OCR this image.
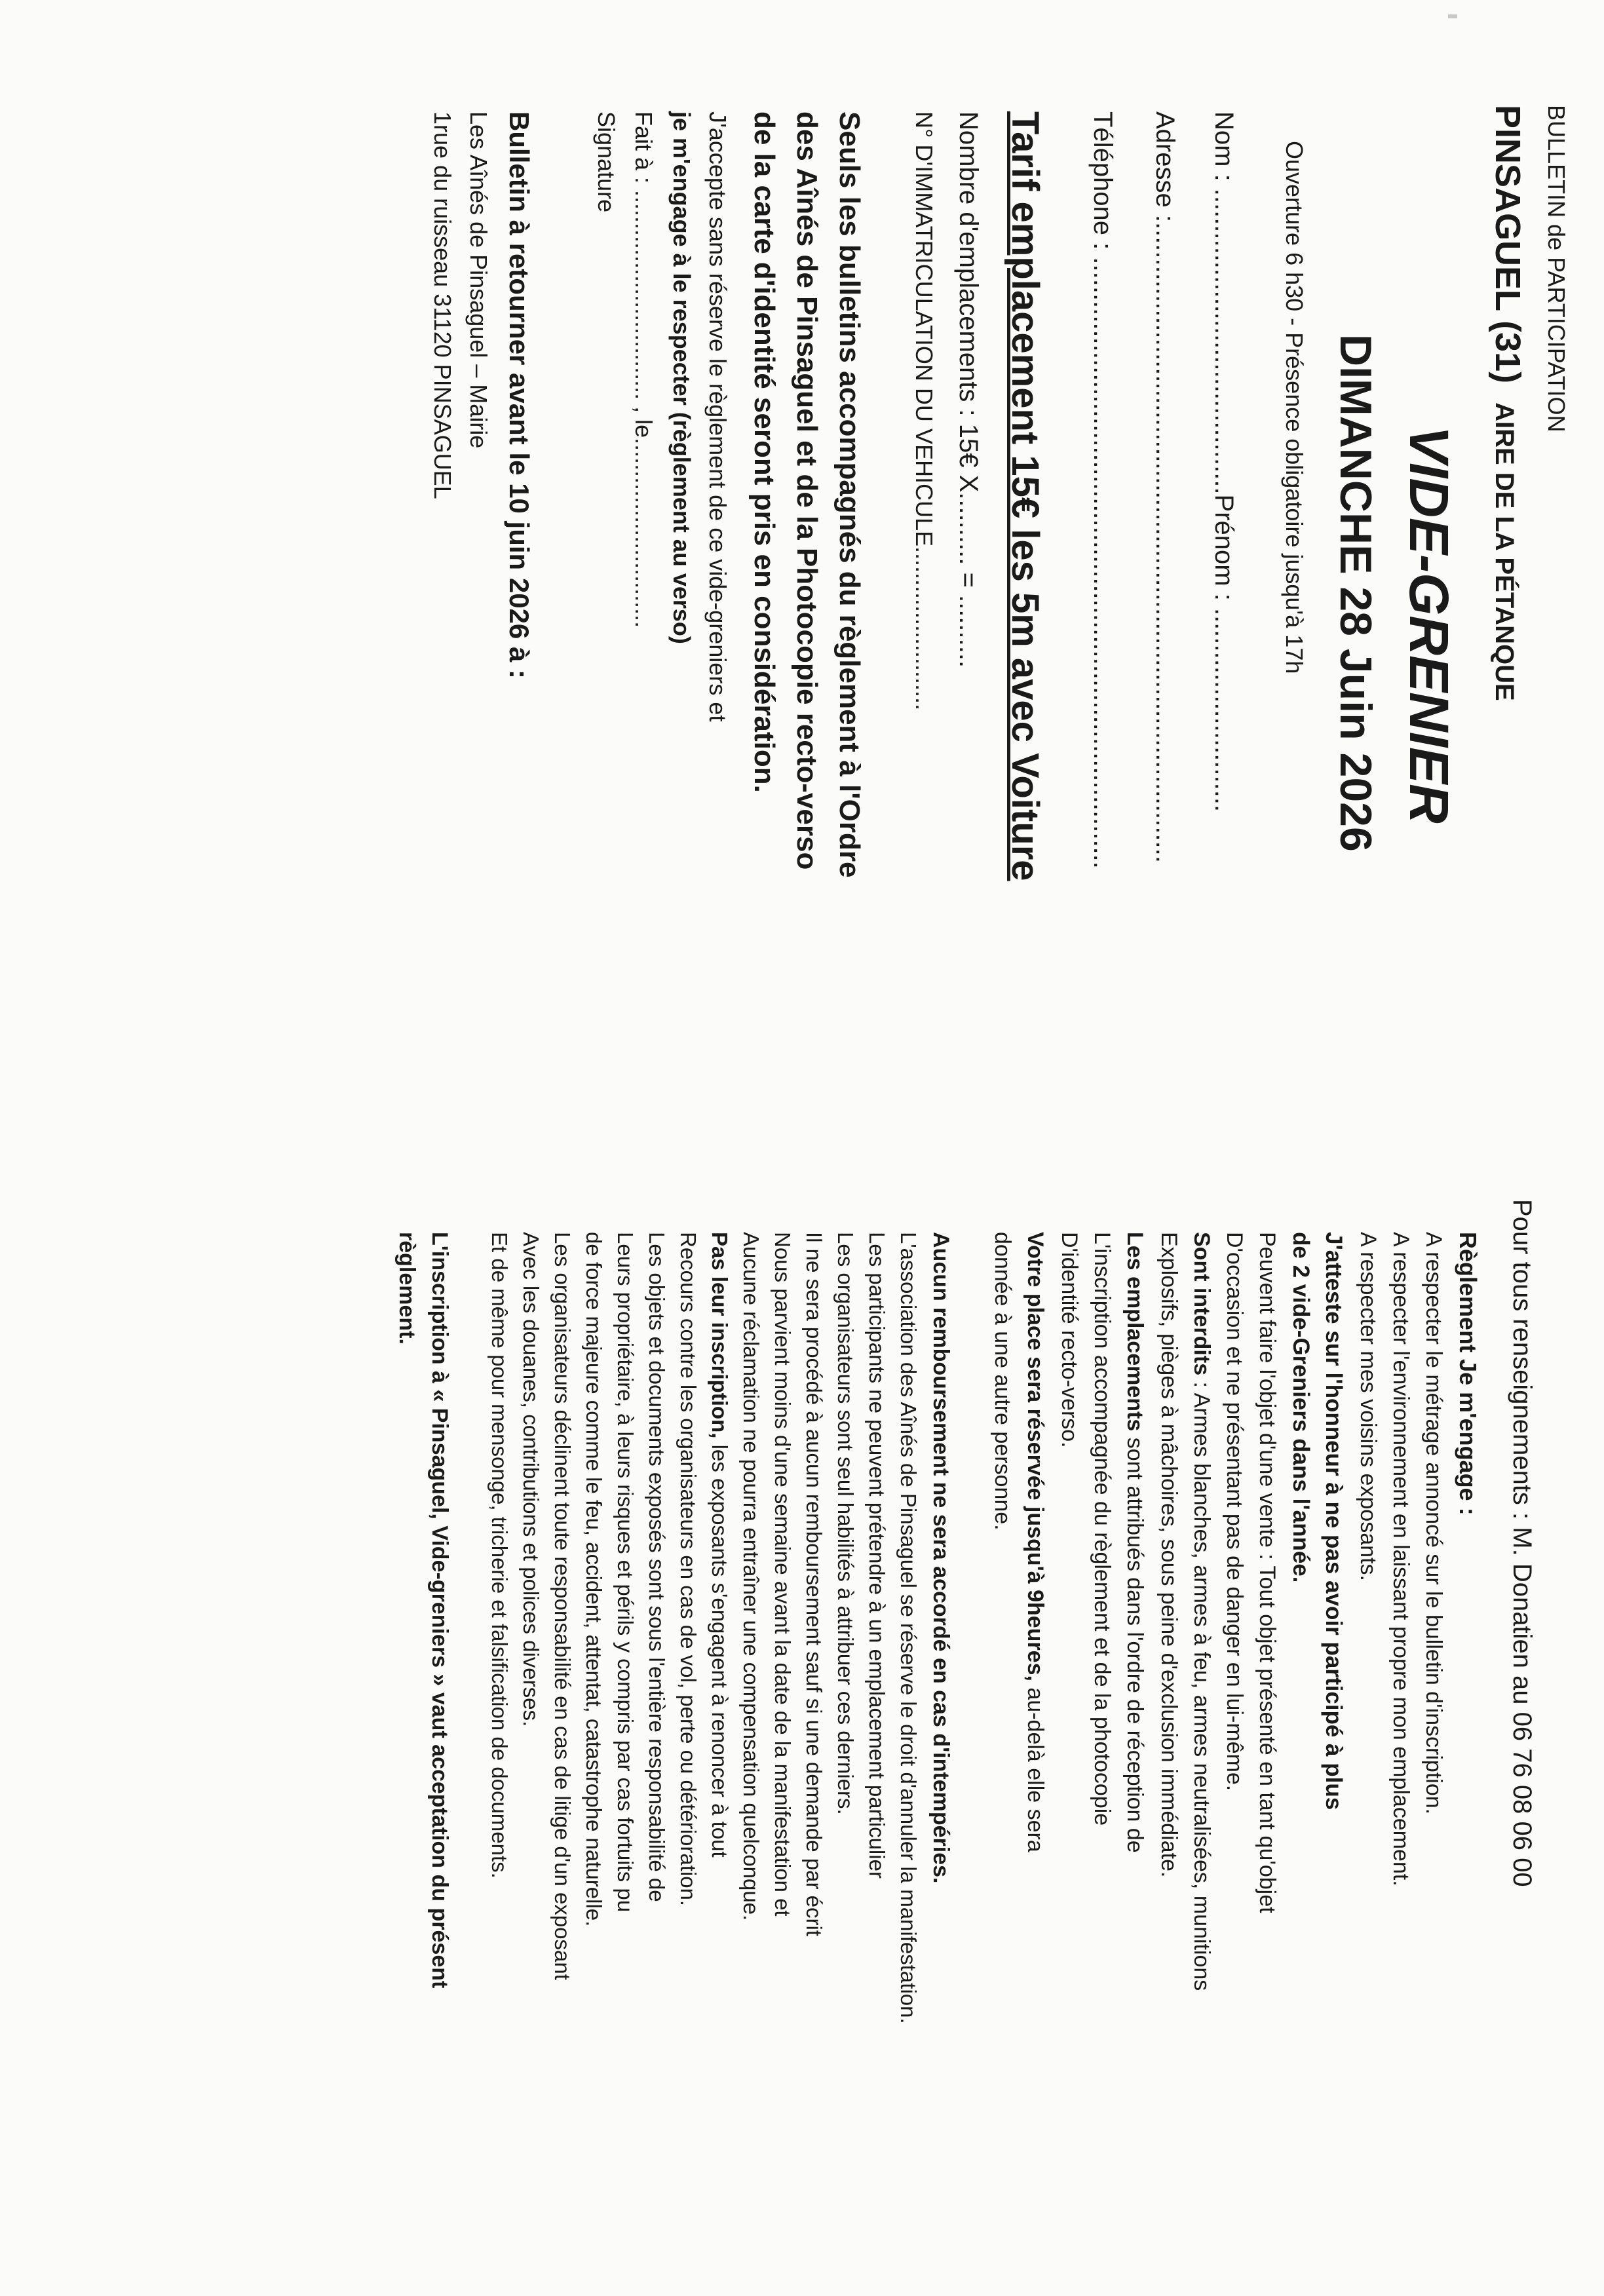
BULLETIN de PARTICIPATION
PINSAGUEL (31) AIRE DE LA PÉTANQUE
VIDE-GRENIER
DIMANCHE 28 Juin 2026
Ouverture 6 h30 - Présence obligatoire jusqu'à 17h
Nom : ..........................................Prénom : ............................
Adresse :........................................................................................
Téléphone : ....................................................................................
Tarif emplacement 15€ les 5m avec Voiture
Nombre d'emplacements : 15€ X.......... = ..........
N° D'IMMATRICULATION DU VEHICULE.........................
Seuls les bulletins accompagnés du règlement à l'Ordre
des Aînés de Pinsaguel et de la Photocopie recto-verso
de la carte d'identité seront pris en considération.
J'accepte sans réserve le règlement de ce vide-greniers et
je m'engage à le respecter (règlement au verso)
Fait à : ................................ , le.............................
Signature
Bulletin à retourner avant le 10 juin 2026 à :
Les Aînés de Pinsaguel – Mairie
1rue du ruisseau 31120 PINSAGUEL
Pour tous renseignements : M. Donatien au 06 76 08 06 00
Règlement Je m'engage :
A respecter le métrage annoncé sur le bulletin d'inscription.
A respecter l'environnement en laissant propre mon emplacement.
A respecter mes voisins exposants.
J'atteste sur l'honneur à ne pas avoir participé à plus
de 2 vide-Greniers dans l'année.
Peuvent faire l'objet d'une vente : Tout objet présenté en tant qu'objet
D'occasion et ne présentant pas de danger en lui-même.
Sont interdits : Armes blanches, armes à feu, armes neutralisées, munitions
Explosifs, pièges à mâchoires, sous peine d'exclusion immédiate.
Les emplacements sont attribués dans l'ordre de réception de
L'inscription accompagnée du règlement et de la photocopie
D'identité recto-verso.
Votre place sera réservée jusqu'à 9heures, au-delà elle sera
donnée à une autre personne.
Aucun remboursement ne sera accordé en cas d'intempéries.
L'association des Aînés de Pinsaguel se réserve le droit d'annuler la manifestation.
Les participants ne peuvent prétendre à un emplacement particulier
Les organisateurs sont seul habilités à attribuer ces derniers.
Il ne sera procédé à aucun remboursement sauf si une demande par écrit
Nous parvient moins d'une semaine avant la date de la manifestation et
Aucune réclamation ne pourra entraîner une compensation quelconque.
Pas leur inscription, les exposants s'engagent à renoncer à tout
Recours contre les organisateurs en cas de vol, perte ou détérioration.
Les objets et documents exposés sont sous l'entière responsabilité de
Leurs propriétaire, à leurs risques et périls y compris par cas fortuits pu
de force majeure comme le feu, accident, attentat, catastrophe naturelle.
Les organisateurs déclinent toute responsabilité en cas de litige d'un exposant
Avec les douanes, contributions et polices diverses.
Et de même pour mensonge, tricherie et falsification de documents.
L'inscription à « Pinsaguel, Vide-greniers » vaut acceptation du présent
règlement.
